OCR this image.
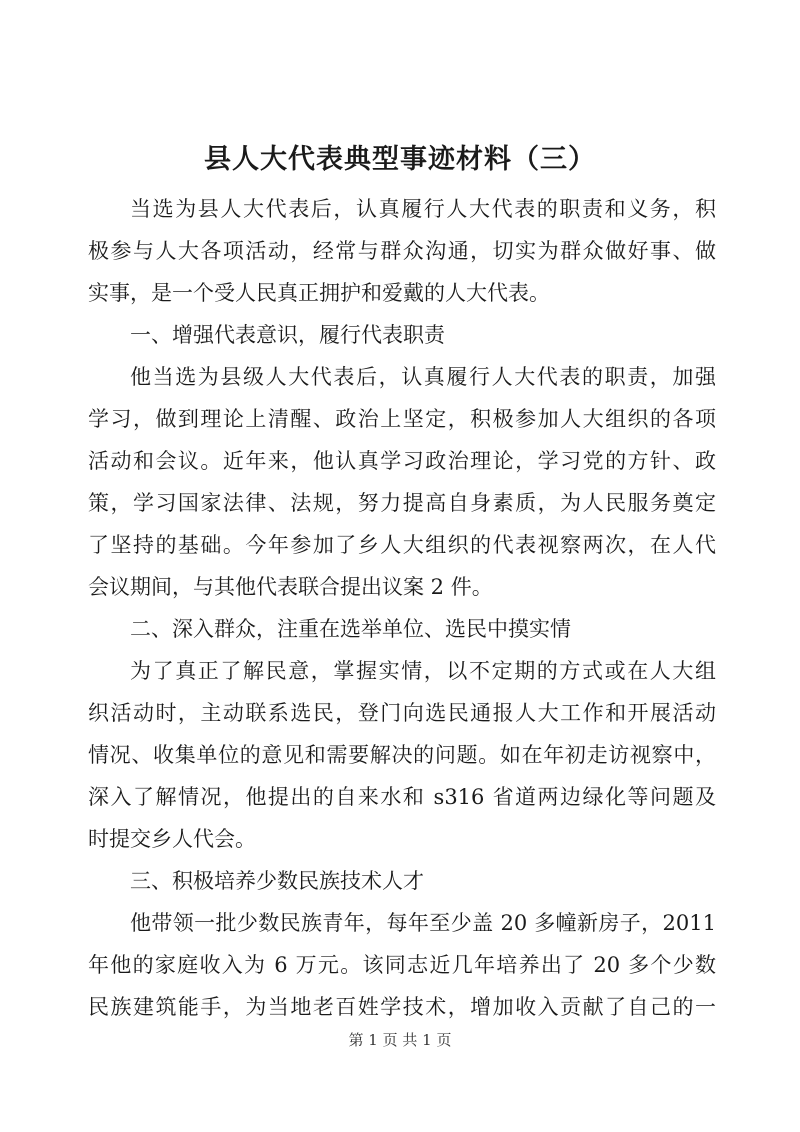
县人大代表典型事迹材料（三）
当选为县人大代表后，认真履行人大代表的职责和义务，积
极参与人大各项活动，经常与群众沟通，切实为群众做好事、做
实事，是一个受人民真正拥护和爱戴的人大代表。
一、增强代表意识，履行代表职责
他当选为县级人大代表后，认真履行人大代表的职责，加强
学习，做到理论上清醒、政治上坚定，积极参加人大组织的各项
活动和会议。近年来，他认真学习政治理论，学习党的方针、政
策，学习国家法律、法规，努力提高自身素质，为人民服务奠定
了坚持的基础。今年参加了乡人大组织的代表视察两次，在人代
会议期间，与其他代表联合提出议案 2 件。
二、深入群众，注重在选举单位、选民中摸实情
为了真正了解民意，掌握实情，以不定期的方式或在人大组
织活动时，主动联系选民，登门向选民通报人大工作和开展活动
情况、收集单位的意见和需要解决的问题。如在年初走访视察中，
深入了解情况，他提出的自来水和 s316 省道两边绿化等问题及
时提交乡人代会。
三、积极培养少数民族技术人才
他带领一批少数民族青年，每年至少盖 20 多幢新房子，2011
年他的家庭收入为 6 万元。该同志近几年培养出了 20 多个少数
民族建筑能手，为当地老百姓学技术，增加收入贡献了自己的一
第 1 页 共 1 页
